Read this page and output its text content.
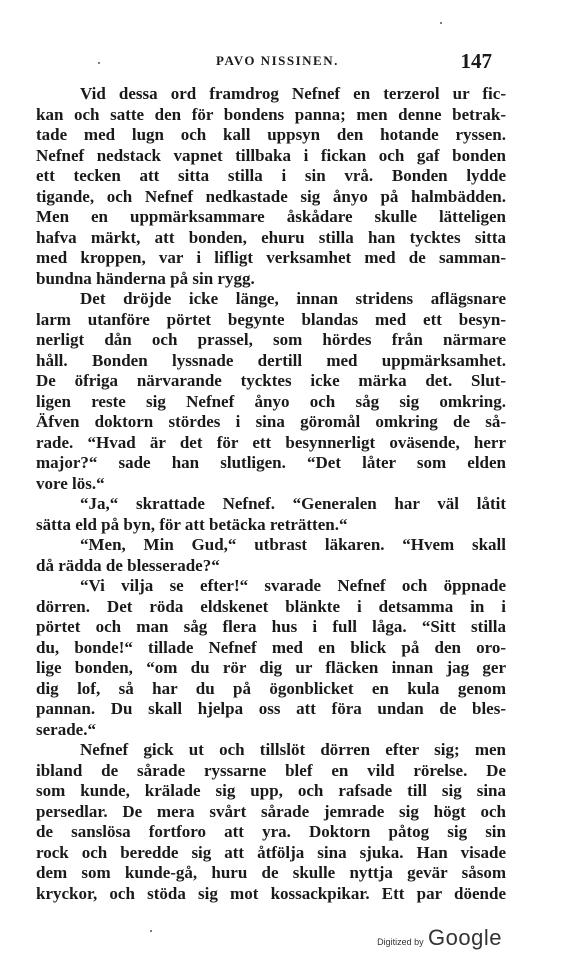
PAVO NISSINEN.	147
Vid dessa ord framdrog Nefnef en terzerol ur fic-
kan och satte den för bondens panna; men denne betrak-
tade med lugn och kall uppsyn den hotande ryssen.
Nefnef nedstack vapnet tillbaka i fickan och gaf bonden
ett tecken att sitta stilla i sin vrå. Bonden lydde
tigande, och Nefnef nedkastade sig ånyo på halmbädden.
Men en uppmärksammare åskådare skulle lätteligen
hafva märkt, att bonden, ehuru stilla han tycktes sitta
med kroppen, var i lifligt verksamhet med de samman-
bundna händerna på sin rygg.
Det dröjde icke länge, innan stridens aflägsnare
larm utanföre pörtet begynte blandas med ett besyn-
nerligt dån och prassel, som hördes från närmare
håll. Bonden lyssnade dertill med uppmärksamhet.
De öfriga närvarande tycktes icke märka det. Slut-
ligen reste sig Nefnef ånyo och såg sig omkring.
Äfven doktorn stördes i sina göromål omkring de så-
rade. “Hvad är det för ett besynnerligt oväsende, herr
major?“ sade han slutligen. “Det låter som elden
vore lös.“
“Ja,“ skrattade Nefnef. “Generalen har väl låtit
sätta eld på byn, för att betäcka reträtten.“
“Men, Min Gud,“ utbrast läkaren. “Hvem skall
då rädda de blesserade?“
“Vi vilja se efter!“ svarade Nefnef och öppnade
dörren. Det röda eldskenet blänkte i detsamma in i
pörtet och man såg flera hus i full låga. “Sitt stilla
du, bonde!“ tillade Nefnef med en blick på den oro-
lige bonden, “om du rör dig ur fläcken innan jag ger
dig lof, så har du på ögonblicket en kula genom
pannan. Du skall hjelpa oss att föra undan de bles-
serade.“
Nefnef gick ut och tillslöt dörren efter sig; men
ibland de sårade ryssarne blef en vild rörelse. De
som kunde, krälade sig upp, och rafsade till sig sina
persedlar. De mera svårt sårade jemrade sig högt och
de sanslösa fortforo att yra. Doktorn påtog sig sin
rock och beredde sig att åtfölja sina sjuka. Han visade
dem som kunde-gå, huru de skulle nyttja gevär såsom
kryckor, och stöda sig mot kossackpikar. Ett par döende
Digitized by Google
